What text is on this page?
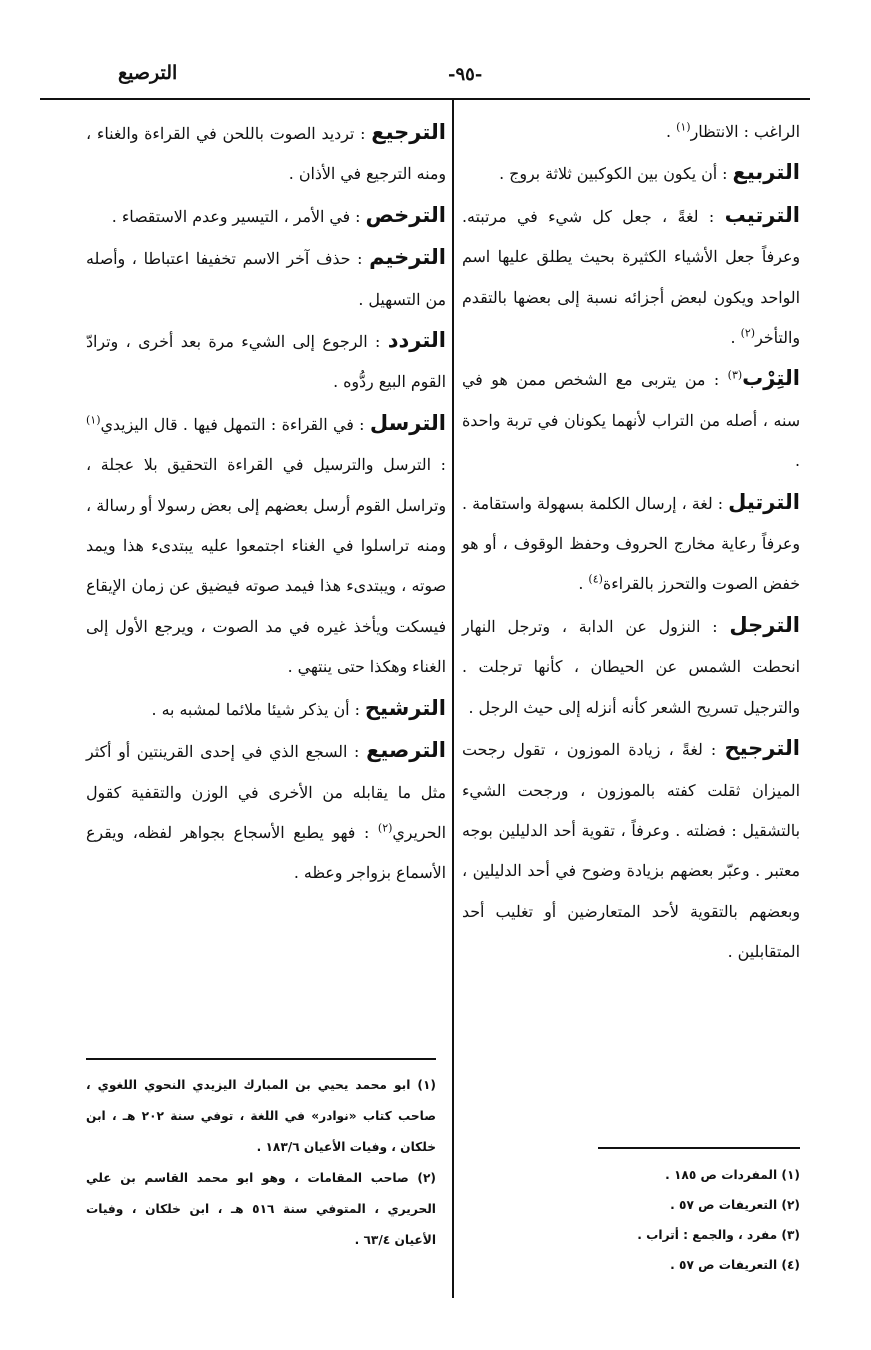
الترصيع	-٩٥-

الراغب : الانتظار$^{(١)}$ .

التربيع : أن يكون بين الكوكبين ثلاثة بروج .

الترتيب : لغةً ، جعل كل شيء في مرتبته. وعرفاً جعل الأشياء الكثيرة بحيث يطلق عليها اسم الواحد ويكون لبعض أجزائه نسبة إلى بعضها بالتقدم والتأخر$^{(٢)}$ .

التِرْب$^{(٣)}$ : من يتربى مع الشخص ممن هو في سنه ، أصله من التراب لأنهما يكونان في تربة واحدة .

الترتيل : لغة ، إرسال الكلمة بسهولة واستقامة . وعرفاً رعاية مخارج الحروف وحفظ الوقوف ، أو هو خفض الصوت والتحرز بالقراءة$^{(٤)}$ .

الترجل : النزول عن الدابة ، وترجل النهار انحطت الشمس عن الحيطان ، كأنها ترجلت . والترجيل تسريح الشعر كأنه أنزله إلى حيث الرجل .

الترجيح : لغةً ، زيادة الموزون ، تقول رجحت الميزان ثقلت كفته بالموزون ، ورجحت الشيء بالتشقيل : فضلته . وعرفاً ، تقوية أحد الدليلين بوجه معتبر . وعبّر بعضهم بزيادة وضوح في أحد الدليلين ، وبعضهم بالتقوية لأحد المتعارضين أو تغليب أحد المتقابلين .

(١) المفردات ص ١٨٥ .

(٢) التعريفات ص ٥٧ .

(٣) مفرد ، والجمع : أتراب .

(٤) التعريفات ص ٥٧ .

الترجيع : ترديد الصوت باللحن في القراءة والغناء ، ومنه الترجيع في الأذان .

الترخص : في الأمر ، التيسير وعدم الاستقصاء .

الترخيم : حذف آخر الاسم تخفيفا اعتباطا ، وأصله من التسهيل .

التردد : الرجوع إلى الشيء مرة بعد أخرى ، وترادّ القوم البيع ردُّوه .

الترسل : في القراءة : التمهل فيها . قال اليزيدي$^{(١)}$ : الترسل والترسيل في القراءة التحقيق بلا عجلة ، وتراسل القوم أرسل بعضهم إلى بعض رسولا أو رسالة ، ومنه تراسلوا في الغناء اجتمعوا عليه يبتدىء هذا ويمد صوته ، ويبتدىء هذا فيمد صوته فيضيق عن زمان الإيقاع فيسكت ويأخذ غيره في مد الصوت ، ويرجع الأول إلى الغناء وهكذا حتى ينتهي .

الترشيح : أن يذكر شيئا ملائما لمشبه به .

الترصيع : السجع الذي في إحدى القرينتين أو أكثر مثل ما يقابله من الأخرى في الوزن والتقفية كقول الحريري$^{(٢)}$ : فهو يطبع الأسجاع بجواهر لفظه، ويقرع الأسماع بزواجر وعظه .

(١) ابو محمد يحيي بن المبارك اليزيدي النحوي اللغوي ، صاحب كتاب «نوادر» في اللغة ، توفي سنة ٢٠٢ هـ ، ابن خلكان ، وفيات الأعيان ١٨٣/٦ .

(٢) صاحب المقامات ، وهو ابو محمد القاسم بن علي الحريري ، المتوفي سنة ٥١٦ هـ ، ابن خلكان ، وفيات الأعيان ٦٣/٤ .
